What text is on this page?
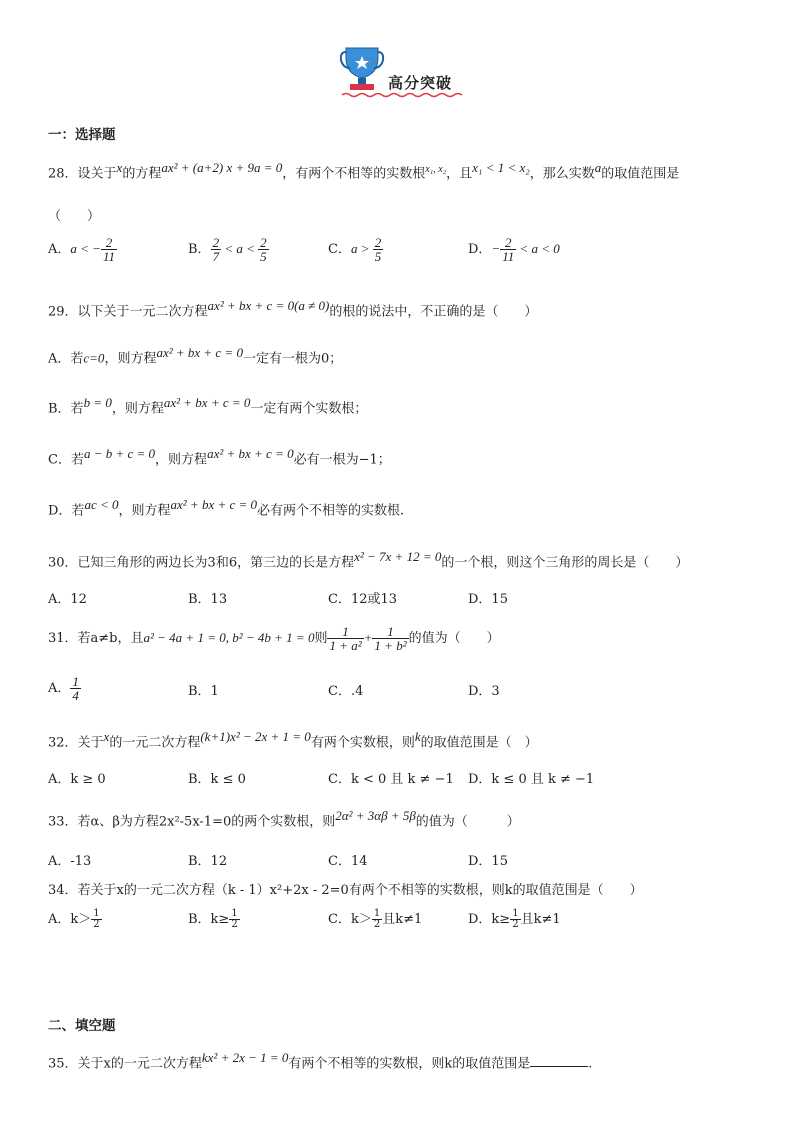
高分突破
一：选择题
28．设关于$^x$的方程$^{ax^2 + (a+2) x + 9a = 0}$，有两个不相等的实数根$^{x_1, x_2}$，且$^{x_1 < 1 < x_2}$，那么实数$^a$的取值范围是
（　　）
A．a < − $\frac{2}{11}$	B． $\frac{2}{7} < a < \frac{2}{5}$	C．$a > \frac{2}{5}$	D．− $\frac{2}{11} < a < 0$
29．以下关于一元二次方程$^{ax^2 + bx + c = 0(a \ne 0)}$的根的说法中，不正确的是（　　）
A．若c=0，则方程$^{ax^2 + bx + c = 0}$一定有一根为0；
B．若$^{b = 0}$，则方程$^{ax^2 + bx + c = 0}$一定有两个实数根；
C．若$^{a - b + c = 0}$，则方程$^{ax^2 + bx + c = 0}$必有一根为−1；
D．若$^{ac < 0}$，则方程$^{ax^2 + bx + c = 0}$必有两个不相等的实数根.
30．已知三角形的两边长为3和6，第三边的长是方程$^{x^2 - 7x + 12 = 0}$的一个根，则这个三角形的周长是（　　）
A．12	B．13	C．12或13	D．15
31．若a≠b，且a² − 4a + 1 = 0, b² − 4b + 1 = 0则 $\frac{1}{\text{1 + a²}} + \frac{1}{\text{1 + b²}}$ 的值为（　　）
A． $\frac{1}{4}$	B．1	C．.4	D．3
32．关于$^x$的一元二次方程$^{(k+1)x^2 - 2x + 1 = 0}$有两个实数根，则$^k$的取值范围是（　）
A．k ≥ 0	B．k ≤ 0	C．k < 0 且 k ≠ −1 D．k ≤ 0 且 k ≠ −1
33．若α、β为方程2x²-5x-1=0的两个实数根，则$^{2\alpha^2 + 3\alpha\beta + 5\beta}$的值为（　　　）
A．-13	B．12	C．14	D．15
34．若关于x的一元二次方程（k - 1）x²+2x - 2=0有两个不相等的实数根，则k的取值范围是（　　）
A．$k> \frac{1}{2}$	B．$k\ge \frac{1}{2}$	C．$k> \frac{1}{2}$ 且k≠1	D．$k\ge \frac{1}{2}$ 且k≠1
二、填空题
35．关于x的一元二次方程$^{kx^2 + 2x - 1 = 0}$有两个不相等的实数根，则k的取值范围是	.
